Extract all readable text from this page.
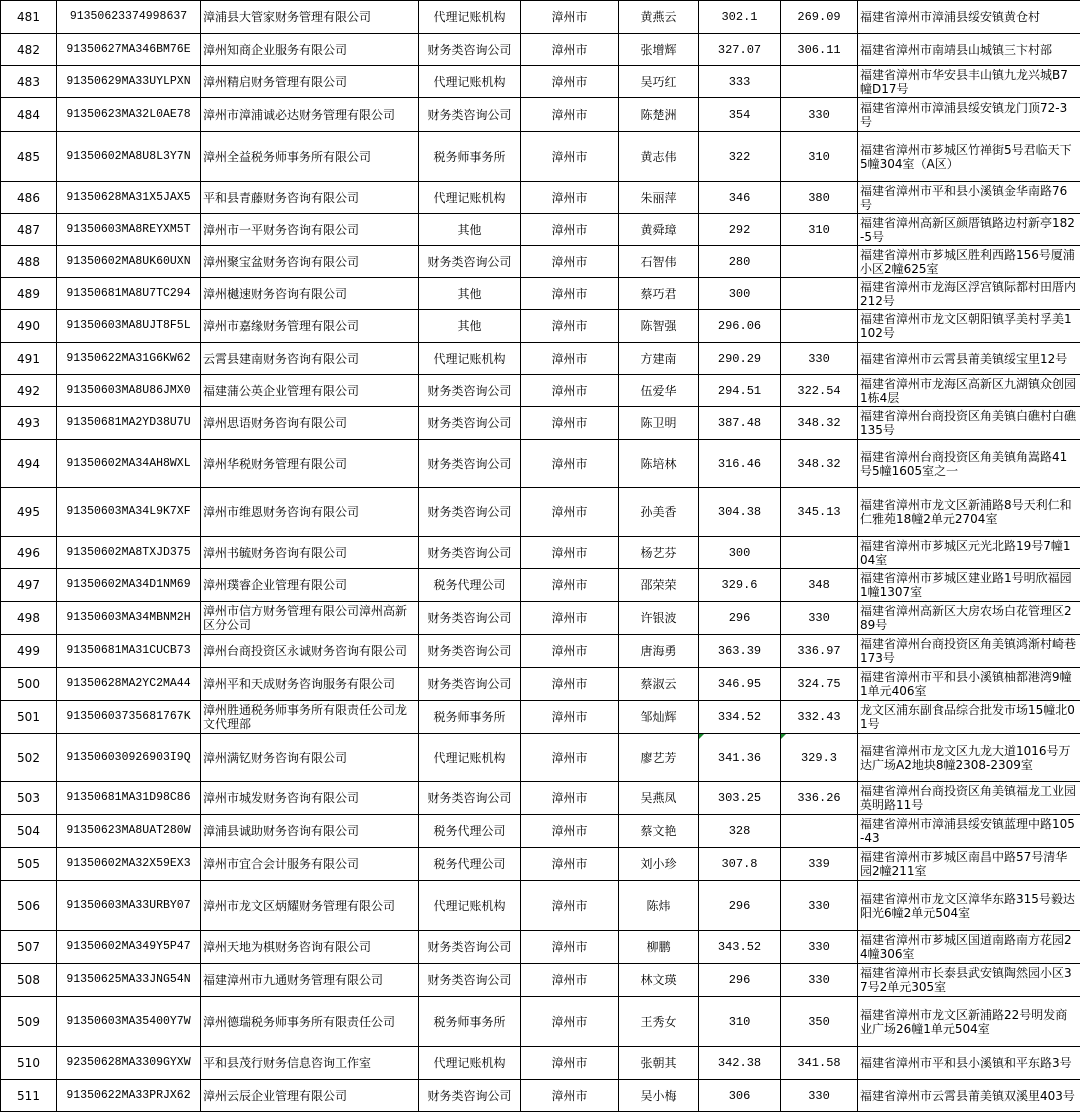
481	91350623374998637	漳浦县大管家财务管理有限公司	代理记账机构	漳州市	黄燕云	302.1	269.09	福建省漳州市漳浦县绥安镇黄仓村
482	91350627MA346BM76E	漳州知商企业服务有限公司	财务类咨询公司	漳州市	张增辉	327.07	306.11	福建省漳州市南靖县山城镇三卞村部
483	91350629MA33UYLPXN	漳州精启财务管理有限公司	代理记账机构	漳州市	吴巧红	333		福建省漳州市华安县丰山镇九龙兴城B7幢D17号
484	91350623MA32L0AE78	漳州市漳浦诚必达财务管理有限公司	财务类咨询公司	漳州市	陈楚洲	354	330	福建省漳州市漳浦县绥安镇龙门顶72-3号
485	91350602MA8U8L3Y7N	漳州全益税务师事务所有限公司	税务师事务所	漳州市	黄志伟	322	310	福建省漳州市芗城区竹禅街5号君临天下5幢304室（A区）
486	91350628MA31X5JAX5	平和县青藤财务咨询有限公司	代理记账机构	漳州市	朱丽萍	346	380	福建省漳州市平和县小溪镇金华南路76号
487	91350603MA8REYXM5T	漳州市一平财务咨询有限公司	其他	漳州市	黄舜璋	292	310	福建省漳州高新区颜厝镇路边村新亭182-5号
488	91350602MA8UK60UXN	漳州聚宝盆财务咨询有限公司	财务类咨询公司	漳州市	石智伟	280		福建省漳州市芗城区胜利西路156号厦浦小区2幢625室
489	91350681MA8U7TC294	漳州樾速财务咨询有限公司	其他	漳州市	蔡巧君	300		福建省漳州市龙海区浮宫镇际都村田厝内212号
490	91350603MA8UJT8F5L	漳州市嘉缘财务管理有限公司	其他	漳州市	陈智强	296.06		福建省漳州市龙文区朝阳镇孚美村孚美1102号
491	91350622MA31G6KW62	云霄县建南财务咨询有限公司	代理记账机构	漳州市	方建南	290.29	330	福建省漳州市云霄县莆美镇绥宝里12号
492	91350603MA8U86JMX0	福建蒲公英企业管理有限公司	财务类咨询公司	漳州市	伍爱华	294.51	322.54	福建省漳州市龙海区高新区九湖镇众创园1栋4层
493	91350681MA2YD38U7U	漳州思语财务咨询有限公司	财务类咨询公司	漳州市	陈卫明	387.48	348.32	福建省漳州台商投资区角美镇白礁村白礁135号
494	91350602MA34AH8WXL	漳州华税财务管理有限公司	财务类咨询公司	漳州市	陈培林	316.46	348.32	福建省漳州台商投资区角美镇角嵩路41号5幢1605室之一
495	91350603MA34L9K7XF	漳州市维恩财务咨询有限公司	财务类咨询公司	漳州市	孙美香	304.38	345.13	福建省漳州市龙文区新浦路8号天利仁和仁雅苑18幢2单元2704室
496	91350602MA8TXJD375	漳州书毓财务咨询有限公司	财务类咨询公司	漳州市	杨艺芬	300		福建省漳州市芗城区元光北路19号7幢104室
497	91350602MA34D1NM69	漳州璞睿企业管理有限公司	税务代理公司	漳州市	邵荣荣	329.6	348	福建省漳州市芗城区建业路1号明欣福园1幢1307室
498	91350603MA34MBNM2H	漳州市信方财务管理有限公司漳州高新区分公司	财务类咨询公司	漳州市	许银波	296	330	福建省漳州高新区大房农场白花管理区289号
499	91350681MA31CUCB73	漳州台商投资区永诚财务咨询有限公司	财务类咨询公司	漳州市	唐海勇	363.39	336.97	福建省漳州台商投资区角美镇鸿渐村崎巷173号
500	91350628MA2YC2MA44	漳州平和天成财务咨询服务有限公司	财务类咨询公司	漳州市	蔡淑云	346.95	324.75	福建省漳州市平和县小溪镇柚都港湾9幢1单元406室
501	91350603735681767K	漳州胜通税务师事务所有限责任公司龙文代理部	税务师事务所	漳州市	邹灿辉	334.52	332.43	龙文区浦东副食品综合批发市场15幢北01号
502	913506030926903I9Q	漳州满钇财务咨询有限公司	代理记账机构	漳州市	廖艺芳	341.36	329.3	福建省漳州市龙文区九龙大道1016号万达广场A2地块8幢2308-2309室
503	91350681MA31D98C86	漳州市城发财务咨询有限公司	财务类咨询公司	漳州市	吴燕凤	303.25	336.26	福建省漳州台商投资区角美镇福龙工业园英明路11号
504	91350623MA8UAT280W	漳浦县诚助财务咨询有限公司	税务代理公司	漳州市	蔡文艳	328		福建省漳州市漳浦县绥安镇蓝理中路105-43
505	91350602MA32X59EX3	漳州市宜合会计服务有限公司	税务代理公司	漳州市	刘小珍	307.8	339	福建省漳州市芗城区南昌中路57号清华园2幢211室
506	91350603MA33URBY07	漳州市龙文区炳耀财务管理有限公司	代理记账机构	漳州市	陈炜	296	330	福建省漳州市龙文区漳华东路315号毅达阳光6幢2单元504室
507	91350602MA349Y5P47	漳州天地为棋财务咨询有限公司	财务类咨询公司	漳州市	柳鹏	343.52	330	福建省漳州市芗城区国道南路南方花园24幢306室
508	91350625MA33JNG54N	福建漳州市九通财务管理有限公司	财务类咨询公司	漳州市	林文瑛	296	330	福建省漳州市长泰县武安镇陶然园小区37号2单元305室
509	91350603MA35400Y7W	漳州德瑞税务师事务所有限责任公司	税务师事务所	漳州市	王秀女	310	350	福建省漳州市龙文区新浦路22号明发商业广场26幢1单元504室
510	92350628MA3309GYXW	平和县茂行财务信息咨询工作室	代理记账机构	漳州市	张朝其	342.38	341.58	福建省漳州市平和县小溪镇和平东路3号
511	91350622MA33PRJX62	漳州云辰企业管理有限公司	财务类咨询公司	漳州市	吴小梅	306	330	福建省漳州市云霄县莆美镇双溪里403号
